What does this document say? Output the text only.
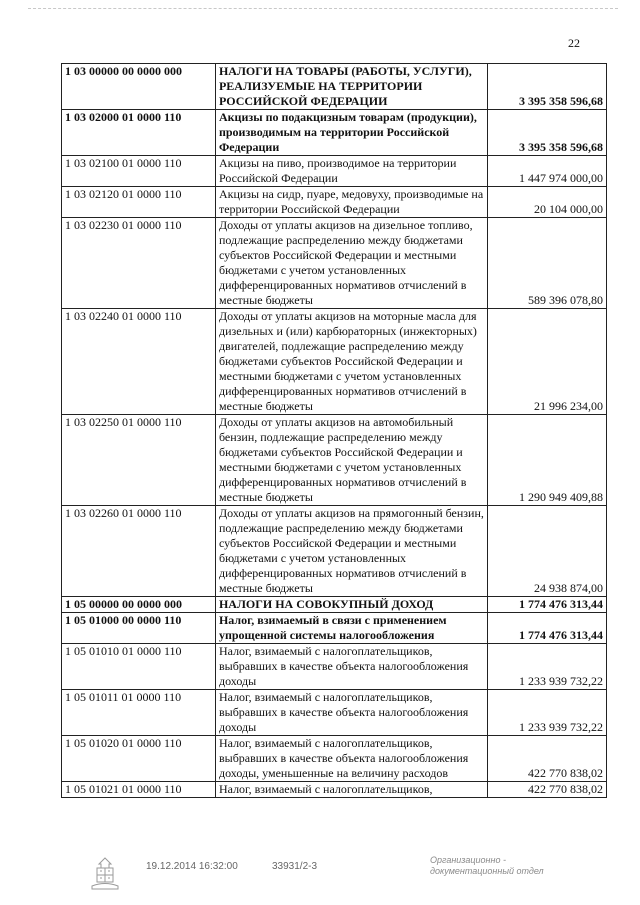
22
1 03 00000 00 0000 000	НАЛОГИ НА ТОВАРЫ (РАБОТЫ, УСЛУГИ), РЕАЛИЗУЕМЫЕ НА ТЕРРИТОРИИ РОССИЙСКОЙ ФЕДЕРАЦИИ	3 395 358 596,68
1 03 02000 01 0000 110	Акцизы по подакцизным товарам (продукции), производимым на территории Российской Федерации	3 395 358 596,68
1 03 02100 01 0000 110	Акцизы на пиво, производимое на территории Российской Федерации	1 447 974 000,00
1 03 02120 01 0000 110	Акцизы на сидр, пуаре, медовуху, производимые на территории Российской Федерации	20 104 000,00
1 03 02230 01 0000 110	Доходы от уплаты акцизов на дизельное топливо, подлежащие распределению между бюджетами субъектов Российской Федерации и местными бюджетами с учетом установленных дифференцированных нормативов отчислений в местные бюджеты	589 396 078,80
1 03 02240 01 0000 110	Доходы от уплаты акцизов на моторные масла для дизельных и (или) карбюраторных (инжекторных) двигателей, подлежащие распределению между бюджетами субъектов Российской Федерации и местными бюджетами с учетом установленных дифференцированных нормативов отчислений в местные бюджеты	21 996 234,00
1 03 02250 01 0000 110	Доходы от уплаты акцизов на автомобильный бензин, подлежащие распределению между бюджетами субъектов Российской Федерации и местными бюджетами с учетом установленных дифференцированных нормативов отчислений в местные бюджеты	1 290 949 409,88
1 03 02260 01 0000 110	Доходы от уплаты акцизов на прямогонный бензин, подлежащие распределению между бюджетами субъектов Российской Федерации и местными бюджетами с учетом установленных дифференцированных нормативов отчислений в местные бюджеты	24 938 874,00
1 05 00000 00 0000 000	НАЛОГИ НА СОВОКУПНЫЙ ДОХОД	1 774 476 313,44
1 05 01000 00 0000 110	Налог, взимаемый в связи с применением упрощенной системы налогообложения	1 774 476 313,44
1 05 01010 01 0000 110	Налог, взимаемый с налогоплательщиков, выбравших в качестве объекта налогообложения доходы	1 233 939 732,22
1 05 01011 01 0000 110	Налог, взимаемый с налогоплательщиков, выбравших в качестве объекта налогообложения доходы	1 233 939 732,22
1 05 01020 01 0000 110	Налог, взимаемый с налогоплательщиков, выбравших в качестве объекта налогообложения доходы, уменьшенные на величину расходов	422 770 838,02
1 05 01021 01 0000 110	Налог, взимаемый с налогоплательщиков,	422 770 838,02
19.12.2014 16:32:00	33931/2-3
Организационно - документационный отдел
